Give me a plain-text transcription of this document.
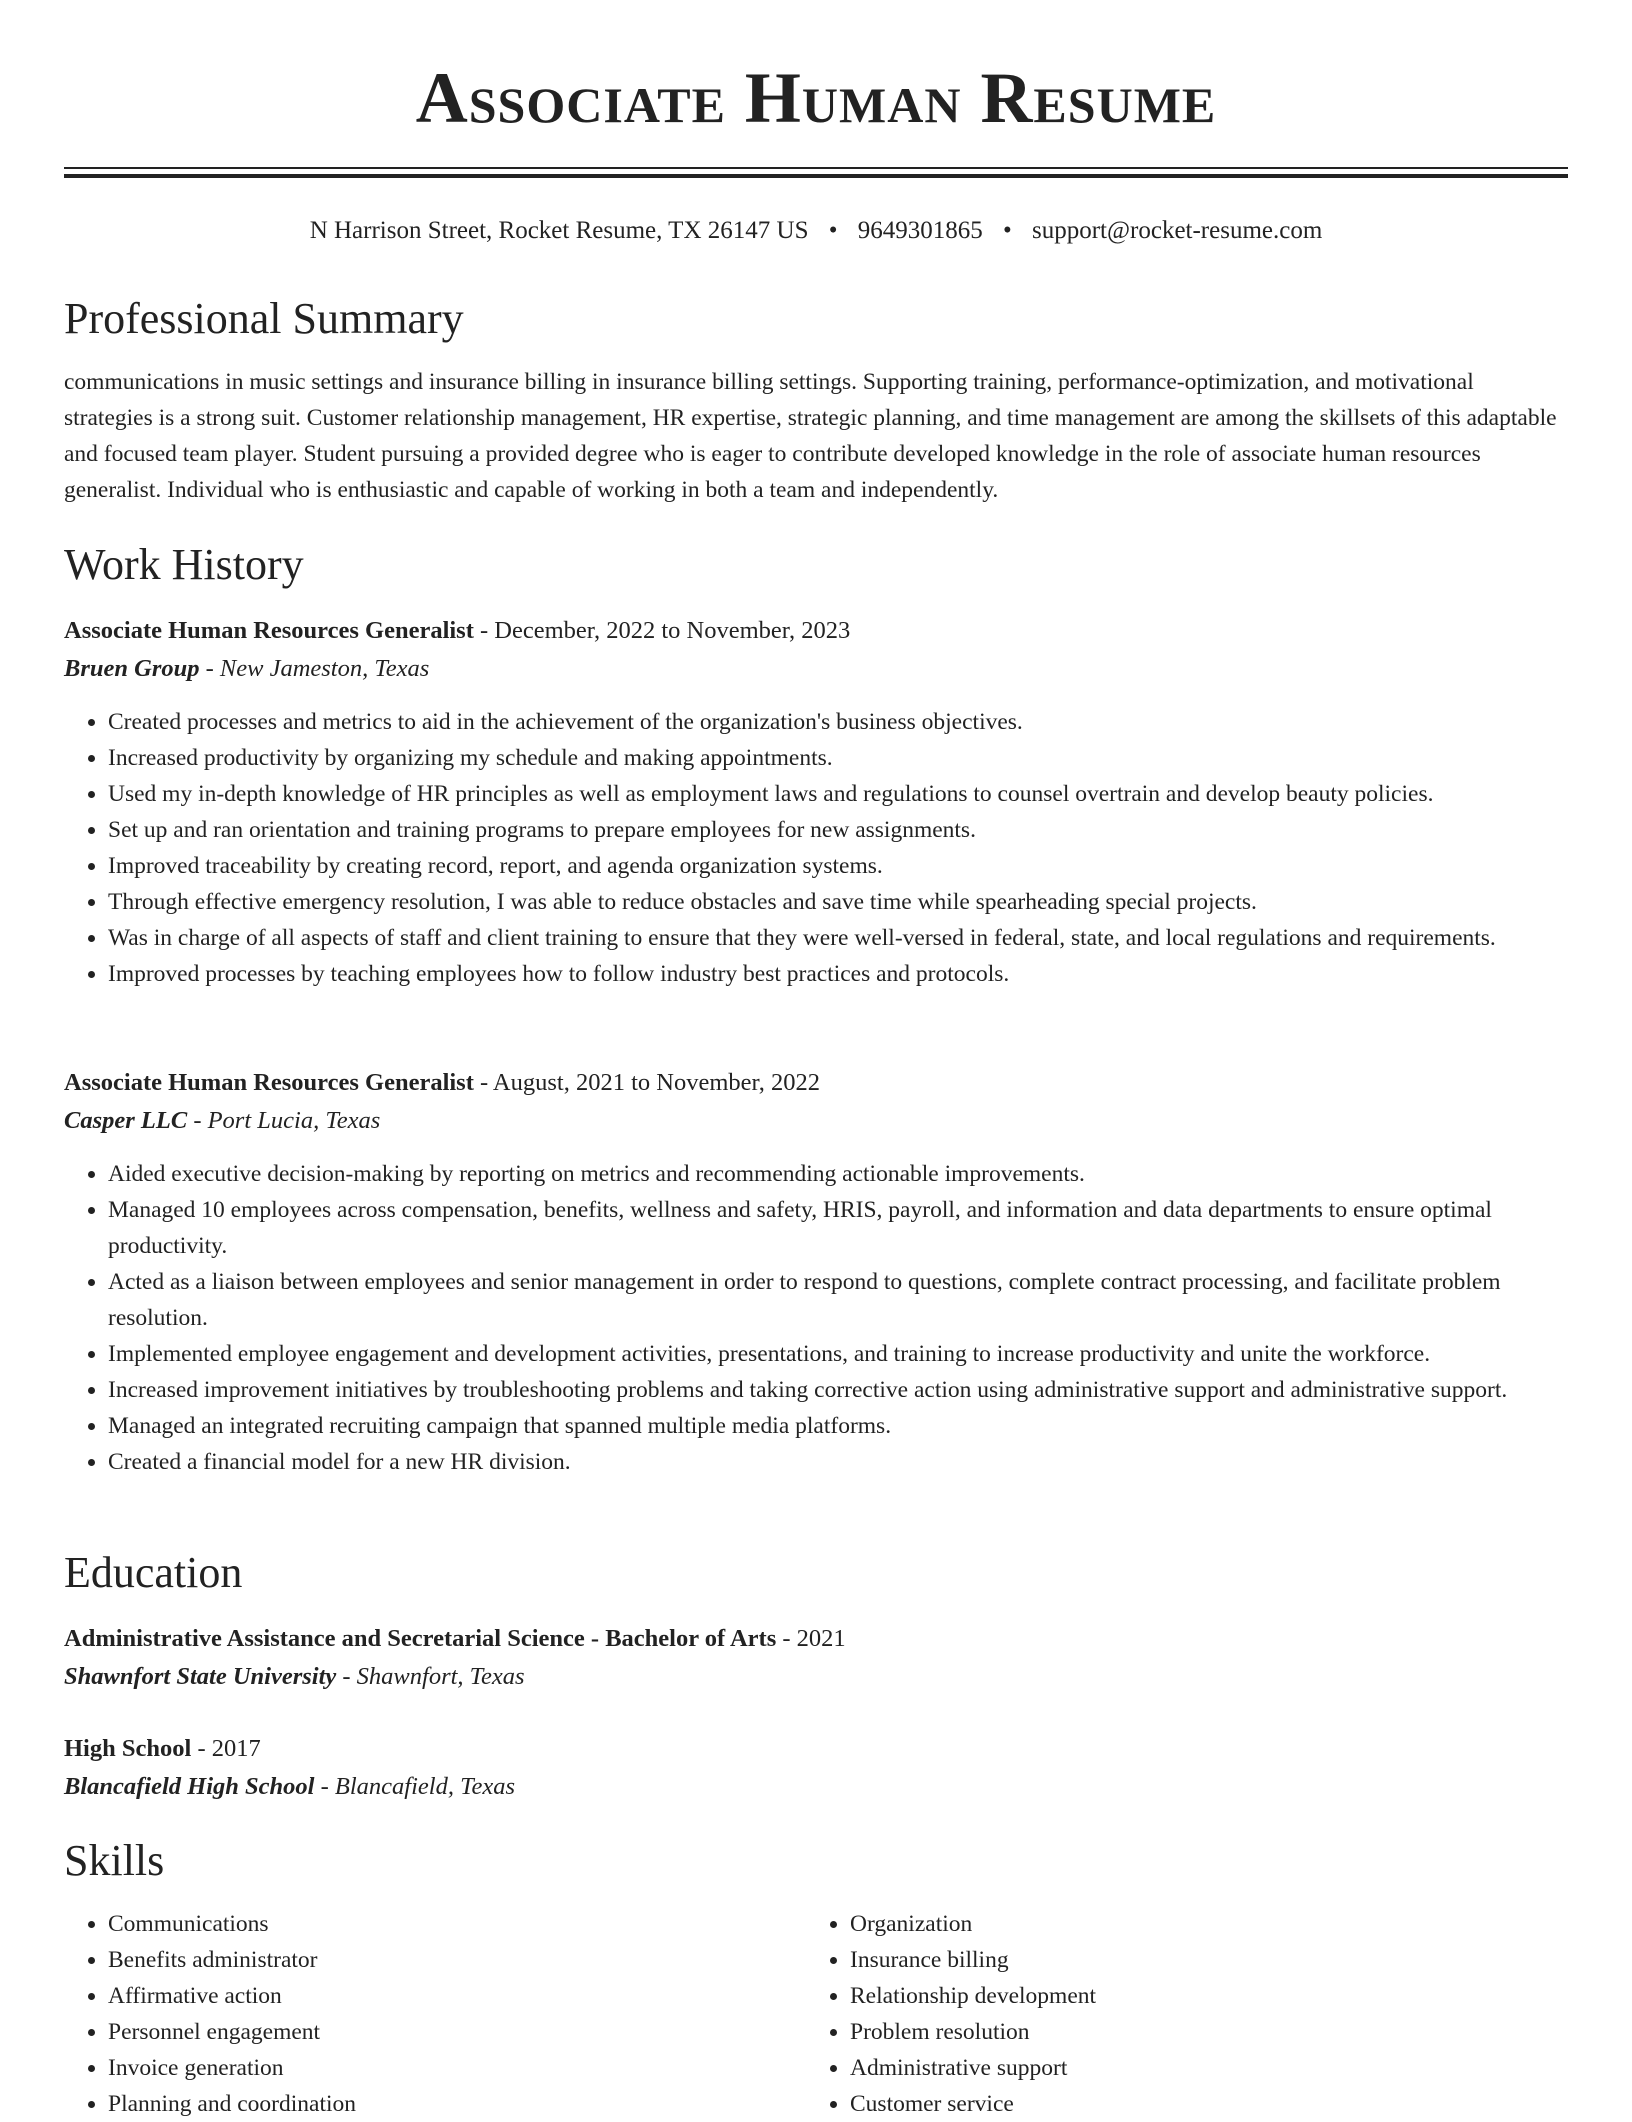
Associate Human Resume
N Harrison Street, Rocket Resume, TX 26147 US • 9649301865 • support@rocket-resume.com
Professional Summary

communications in music settings and insurance billing in insurance billing settings. Supporting training, performance-optimization, and motivational strategies is a strong suit. Customer relationship management, HR expertise, strategic planning, and time management are among the skillsets of this adaptable and focused team player. Student pursuing a provided degree who is eager to contribute developed knowledge in the role of associate human resources generalist. Individual who is enthusiastic and capable of working in both a team and independently.

Work History
Associate Human Resources Generalist - December, 2022 to November, 2023
Bruen Group - New Jameston, Texas
• Created processes and metrics to aid in the achievement of the organization's business objectives.
• Increased productivity by organizing my schedule and making appointments.
• Used my in-depth knowledge of HR principles as well as employment laws and regulations to counsel overtrain and develop beauty policies.
• Set up and ran orientation and training programs to prepare employees for new assignments.
• Improved traceability by creating record, report, and agenda organization systems.
• Through effective emergency resolution, I was able to reduce obstacles and save time while spearheading special projects.
• Was in charge of all aspects of staff and client training to ensure that they were well-versed in federal, state, and local regulations and requirements.
• Improved processes by teaching employees how to follow industry best practices and protocols.
Associate Human Resources Generalist - August, 2021 to November, 2022
Casper LLC - Port Lucia, Texas
• Aided executive decision-making by reporting on metrics and recommending actionable improvements.
• Managed 10 employees across compensation, benefits, wellness and safety, HRIS, payroll, and information and data departments to ensure optimal productivity.
• Acted as a liaison between employees and senior management in order to respond to questions, complete contract processing, and facilitate problem resolution.
• Implemented employee engagement and development activities, presentations, and training to increase productivity and unite the workforce.
• Increased improvement initiatives by troubleshooting problems and taking corrective action using administrative support and administrative support.
• Managed an integrated recruiting campaign that spanned multiple media platforms.
• Created a financial model for a new HR division.
Education
Administrative Assistance and Secretarial Science - Bachelor of Arts - 2021
Shawnfort State University - Shawnfort, Texas
High School - 2017
Blancafield High School - Blancafield, Texas
Skills
• Communications
• Benefits administrator
• Affirmative action
• Personnel engagement
• Invoice generation
• Planning and coordination
• Organization
• Insurance billing
• Relationship development
• Problem resolution
• Administrative support
• Customer service
